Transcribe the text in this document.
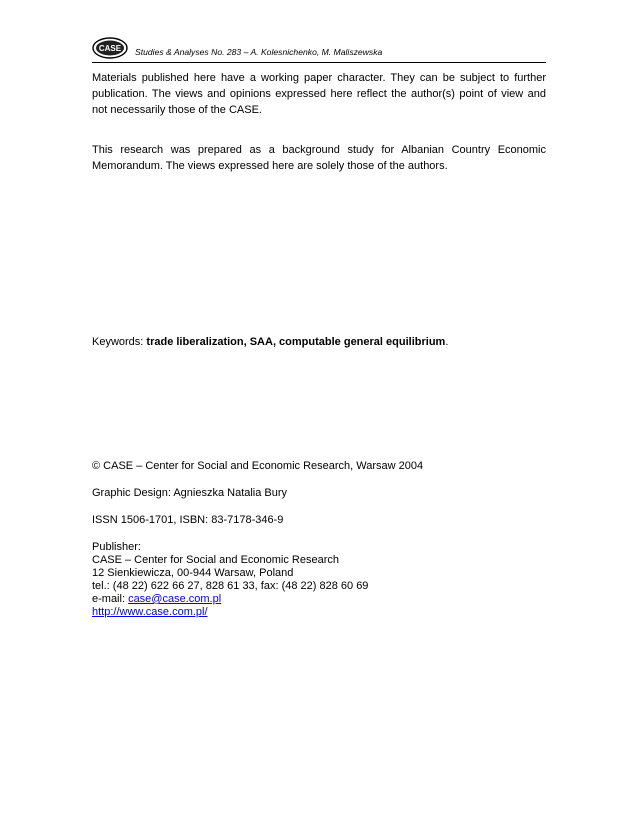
CASE Studies & Analyses No. 283 – A. Kolesnichenko, M. Maliszewska
Materials published here have a working paper character. They can be subject to further publication. The views and opinions expressed here reflect the author(s) point of view and not necessarily those of the CASE.
This research was prepared as a background study for Albanian Country Economic Memorandum. The views expressed here are solely those of the authors.
Keywords: trade liberalization, SAA, computable general equilibrium.
© CASE – Center for Social and Economic Research, Warsaw 2004
Graphic Design: Agnieszka Natalia Bury
ISSN 1506-1701, ISBN: 83-7178-346-9
Publisher:
CASE – Center for Social and Economic Research
12 Sienkiewicza, 00-944 Warsaw, Poland
tel.: (48 22) 622 66 27, 828 61 33, fax: (48 22) 828 60 69
e-mail: case@case.com.pl
http://www.case.com.pl/
